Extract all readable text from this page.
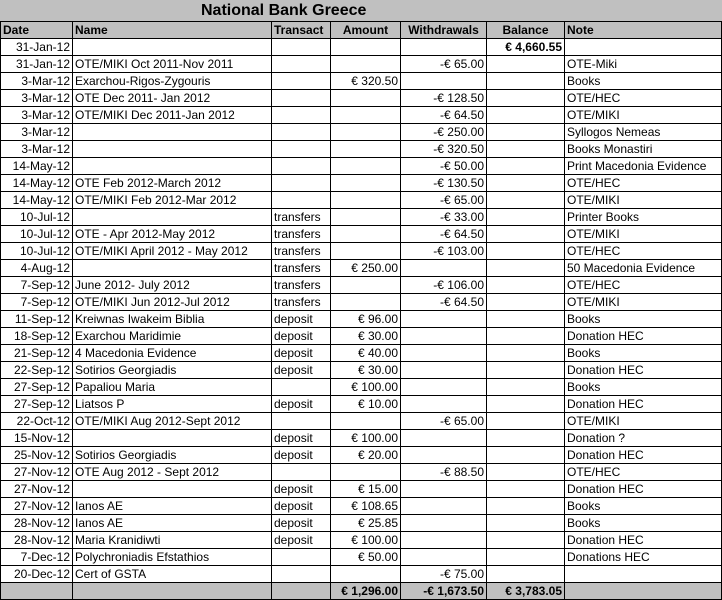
National Bank Greece
Date	Name	Transact	Amount	Withdrawals	Balance	Note
31-Jan-12					€ 4,660.55	
31-Jan-12	OTE/MIKI Oct 2011-Nov 2011			-€ 65.00		OTE-Miki
3-Mar-12	Exarchou-Rigos-Zygouris		€ 320.50			Books
3-Mar-12	OTE Dec 2011- Jan 2012			-€ 128.50		OTE/HEC
3-Mar-12	OTE/MIKI Dec 2011-Jan 2012			-€ 64.50		OTE/MIKI
3-Mar-12				-€ 250.00		Syllogos Nemeas
3-Mar-12				-€ 320.50		Books Monastiri
14-May-12				-€ 50.00		Print Macedonia Evidence
14-May-12	OTE Feb 2012-March 2012			-€ 130.50		OTE/HEC
14-May-12	OTE/MIKI Feb 2012-Mar 2012			-€ 65.00		OTE/MIKI
10-Jul-12		transfers		-€ 33.00		Printer Books
10-Jul-12	OTE - Apr 2012-May 2012	transfers		-€ 64.50		OTE/MIKI
10-Jul-12	OTE/MIKI April 2012 - May 2012	transfers		-€ 103.00		OTE/HEC
4-Aug-12		transfers	€ 250.00			50 Macedonia Evidence
7-Sep-12	June 2012- July 2012	transfers		-€ 106.00		OTE/HEC
7-Sep-12	OTE/MIKI Jun 2012-Jul 2012	transfers		-€ 64.50		OTE/MIKI
11-Sep-12	Kreiwnas Iwakeim Biblia	deposit	€ 96.00			Books
18-Sep-12	Exarchou Maridimie	deposit	€ 30.00			Donation HEC
21-Sep-12	4 Macedonia Evidence	deposit	€ 40.00			Books
22-Sep-12	Sotirios Georgiadis	deposit	€ 30.00			Donation HEC
27-Sep-12	Papaliou Maria		€ 100.00			Books
27-Sep-12	Liatsos P	deposit	€ 10.00			Donation HEC
22-Oct-12	OTE/MIKI Aug 2012-Sept 2012			-€ 65.00		OTE/MIKI
15-Nov-12		deposit	€ 100.00			Donation ?
25-Nov-12	Sotirios Georgiadis	deposit	€ 20.00			Donation HEC
27-Nov-12	OTE Aug 2012 - Sept 2012			-€ 88.50		OTE/HEC
27-Nov-12		deposit	€ 15.00			Donation HEC
27-Nov-12	Ianos AE	deposit	€ 108.65			Books
28-Nov-12	Ianos AE	deposit	€ 25.85			Books
28-Nov-12	Maria Kranidiwti	deposit	€ 100.00			Donation HEC
7-Dec-12	Polychroniadis Efstathios		€ 50.00			Donations HEC
20-Dec-12	Cert of GSTA			-€ 75.00		
			€ 1,296.00	-€ 1,673.50	€ 3,783.05	
